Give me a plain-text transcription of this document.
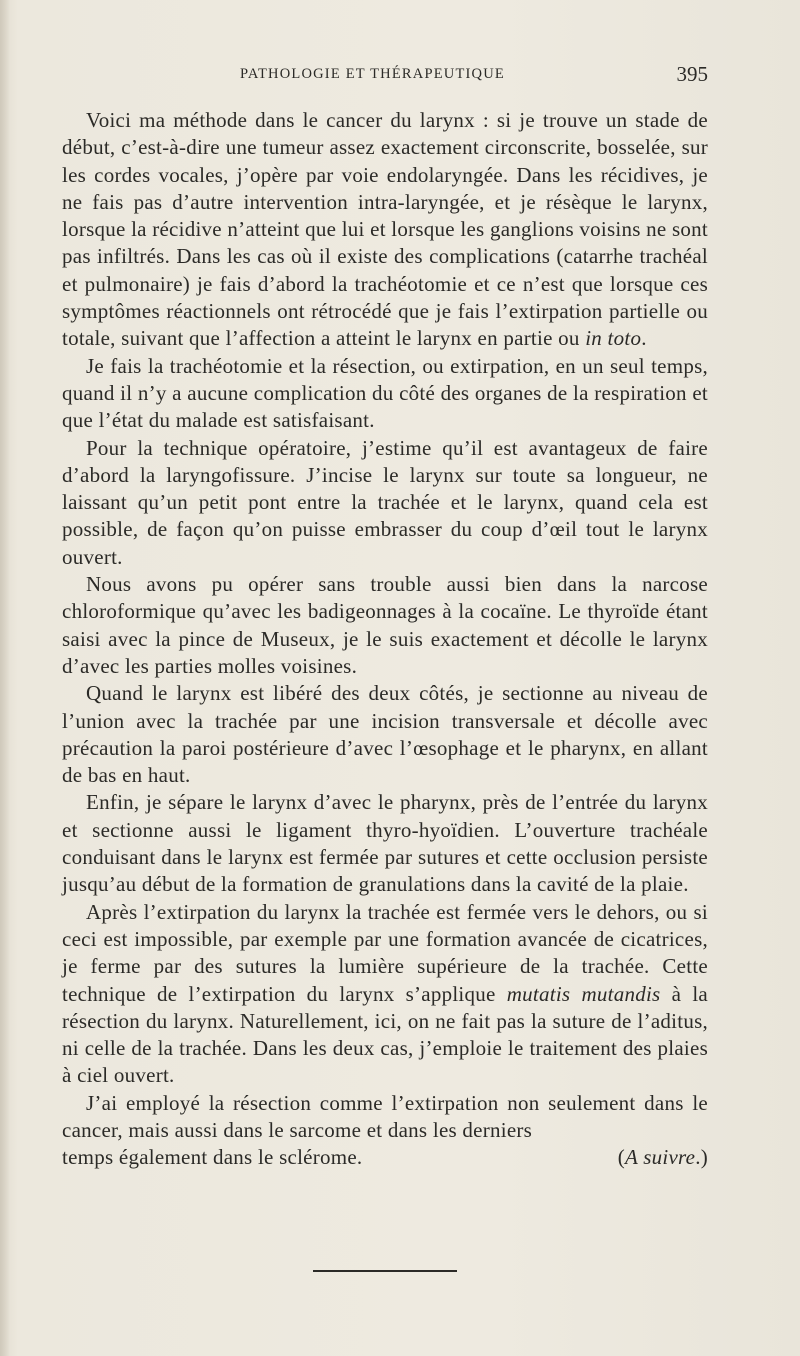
PATHOLOGIE ET THÉRAPEUTIQUE	395

Voici ma méthode dans le cancer du larynx : si je trouve un stade de début, c’est-à-dire une tumeur assez exactement circonscrite, bosselée, sur les cordes vocales, j’opère par voie endolaryngée. Dans les récidives, je ne fais pas d’autre intervention intra-laryngée, et je résèque le larynx, lorsque la récidive n’atteint que lui et lorsque les ganglions voisins ne sont pas infiltrés. Dans les cas où il existe des complications (catarrhe trachéal et pulmonaire) je fais d’abord la trachéotomie et ce n’est que lorsque ces symptômes réactionnels ont rétrocédé que je fais l’extirpation partielle ou totale, suivant que l’affection a atteint le larynx en partie ou in toto.

Je fais la trachéotomie et la résection, ou extirpation, en un seul temps, quand il n’y a aucune complication du côté des organes de la respiration et que l’état du malade est satisfaisant.

Pour la technique opératoire, j’estime qu’il est avantageux de faire d’abord la laryngofissure. J’incise le larynx sur toute sa longueur, ne laissant qu’un petit pont entre la trachée et le larynx, quand cela est possible, de façon qu’on puisse embrasser du coup d’œil tout le larynx ouvert.

Nous avons pu opérer sans trouble aussi bien dans la narcose chloroformique qu’avec les badigeonnages à la cocaïne. Le thyroïde étant saisi avec la pince de Museux, je le suis exactement et décolle le larynx d’avec les parties molles voisines.

Quand le larynx est libéré des deux côtés, je sectionne au niveau de l’union avec la trachée par une incision transversale et décolle avec précaution la paroi postérieure d’avec l’œsophage et le pharynx, en allant de bas en haut.

Enfin, je sépare le larynx d’avec le pharynx, près de l’entrée du larynx et sectionne aussi le ligament thyro-hyoïdien. L’ouverture trachéale conduisant dans le larynx est fermée par sutures et cette occlusion persiste jusqu’au début de la formation de granulations dans la cavité de la plaie.

Après l’extirpation du larynx la trachée est fermée vers le dehors, ou si ceci est impossible, par exemple par une formation avancée de cicatrices, je ferme par des sutures la lumière supérieure de la trachée. Cette technique de l’extirpation du larynx s’applique mutatis mutandis à la résection du larynx. Naturellement, ici, on ne fait pas la suture de l’aditus, ni celle de la trachée. Dans les deux cas, j’emploie le traitement des plaies à ciel ouvert.

J’ai employé la résection comme l’extirpation non seulement dans le cancer, mais aussi dans le sarcome et dans les derniers

temps également dans le sclérome.	(A suivre.)
